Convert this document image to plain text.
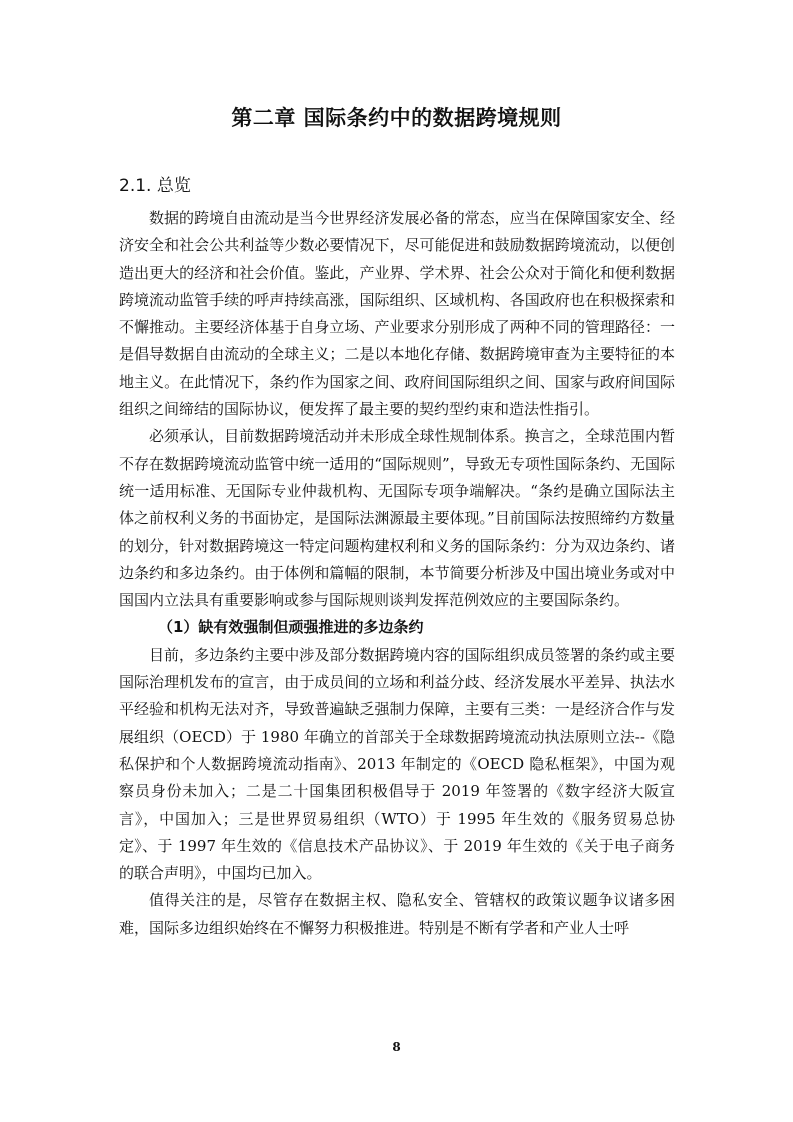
第二章 国际条约中的数据跨境规则
2.1. 总览

数据的跨境自由流动是当今世界经济发展必备的常态，应当在保障国家安全、经济安全和社会公共利益等少数必要情况下，尽可能促进和鼓励数据跨境流动，以便创造出更大的经济和社会价值。鉴此，产业界、学术界、社会公众对于简化和便利数据跨境流动监管手续的呼声持续高涨，国际组织、区域机构、各国政府也在积极探索和不懈推动。主要经济体基于自身立场、产业要求分别形成了两种不同的管理路径：一是倡导数据自由流动的全球主义；二是以本地化存储、数据跨境审查为主要特征的本地主义。在此情况下，条约作为国家之间、政府间国际组织之间、国家与政府间国际组织之间缔结的国际协议，便发挥了最主要的契约型约束和造法性指引。

必须承认，目前数据跨境活动并未形成全球性规制体系。换言之，全球范围内暂不存在数据跨境流动监管中统一适用的“国际规则”，导致无专项性国际条约、无国际统一适用标准、无国际专业仲裁机构、无国际专项争端解决。“条约是确立国际法主体之前权利义务的书面协定，是国际法渊源最主要体现。”目前国际法按照缔约方数量的划分，针对数据跨境这一特定问题构建权利和义务的国际条约：分为双边条约、诸边条约和多边条约。由于体例和篇幅的限制，本节简要分析涉及中国出境业务或对中国国内立法具有重要影响或参与国际规则谈判发挥范例效应的主要国际条约。

（1）缺有效强制但顽强推进的多边条约

目前，多边条约主要中涉及部分数据跨境内容的国际组织成员签署的条约或主要国际治理机发布的宣言，由于成员间的立场和利益分歧、经济发展水平差异、执法水平经验和机构无法对齐，导致普遍缺乏强制力保障，主要有三类：一是经济合作与发展组织（OECD）于 1980 年确立的首部关于全球数据跨境流动执法原则立法--《隐私保护和个人数据跨境流动指南》、2013 年制定的《OECD 隐私框架》，中国为观察员身份未加入；二是二十国集团积极倡导于 2019 年签署的《数字经济大阪宣言》，中国加入；三是世界贸易组织（WTO）于 1995 年生效的《服务贸易总协定》、于 1997 年生效的《信息技术产品协议》、于 2019 年生效的《关于电子商务的联合声明》，中国均已加入。

值得关注的是，尽管存在数据主权、隐私安全、管辖权的政策议题争议诸多困难，国际多边组织始终在不懈努力积极推进。特别是不断有学者和产业人士呼

8
